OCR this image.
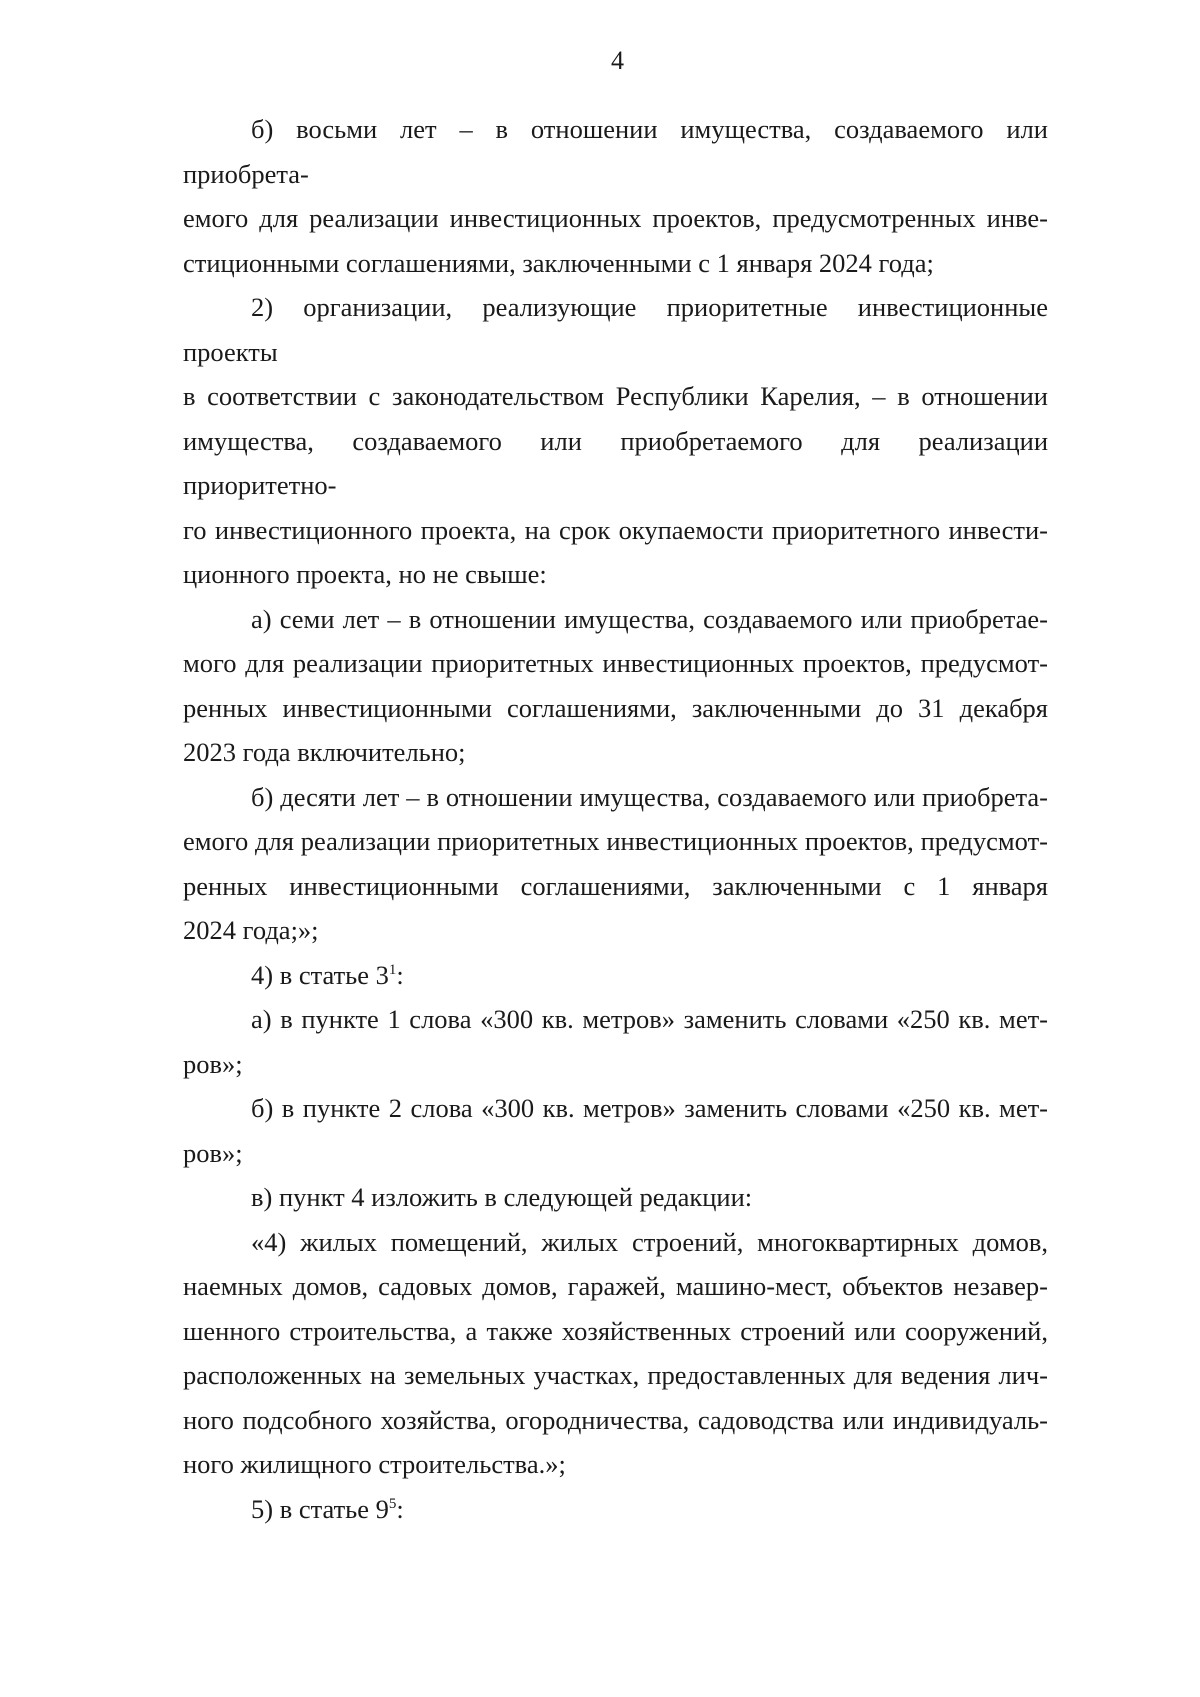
4

б) восьми лет – в отношении имущества, создаваемого или приобрета-
емого для реализации инвестиционных проектов, предусмотренных инве-
стиционными соглашениями, заключенными с 1 января 2024 года;

2) организации, реализующие приоритетные инвестиционные проекты
в соответствии с законодательством Республики Карелия, – в отношении
имущества, создаваемого или приобретаемого для реализации приоритетно-
го инвестиционного проекта, на срок окупаемости приоритетного инвести-
ционного проекта, но не свыше:

а) семи лет – в отношении имущества, создаваемого или приобретае-
мого для реализации приоритетных инвестиционных проектов, предусмот-
ренных инвестиционными соглашениями, заключенными до 31 декабря
2023 года включительно;

б) десяти лет – в отношении имущества, создаваемого или приобрета-
емого для реализации приоритетных инвестиционных проектов, предусмот-
ренных инвестиционными соглашениями, заключенными с 1 января
2024 года;»;

4) в статье $3^1$:

а) в пункте 1 слова «300 кв. метров» заменить словами «250 кв. мет-
ров»;

б) в пункте 2 слова «300 кв. метров» заменить словами «250 кв. мет-
ров»;

в) пункт 4 изложить в следующей редакции:

«4) жилых помещений, жилых строений, многоквартирных домов,
наемных домов, садовых домов, гаражей, машино-мест, объектов незавер-
шенного строительства, а также хозяйственных строений или сооружений,
расположенных на земельных участках, предоставленных для ведения лич-
ного подсобного хозяйства, огородничества, садоводства или индивидуаль-
ного жилищного строительства.»;

5) в статье $9^5$:
